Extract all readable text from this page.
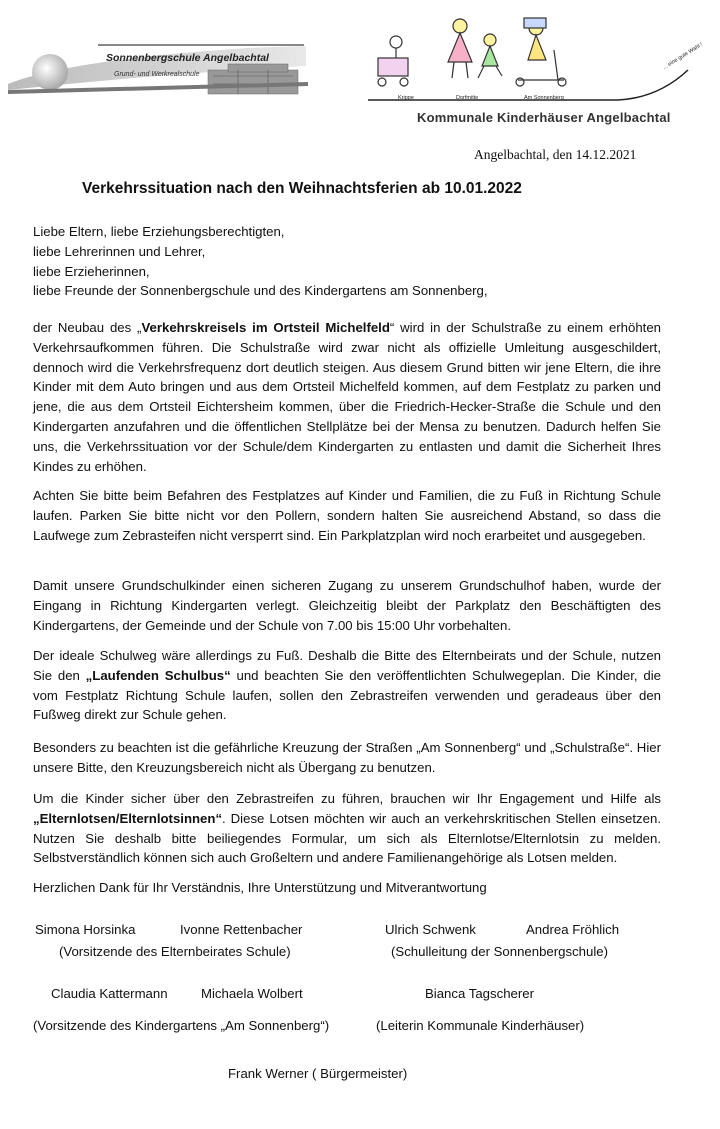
Sonnenbergschule Angelbachtal
Grund- und Werkrealschule
Krippe	Dorfmitte	Am Sonnenberg
... eine gute Wahl !
Kommunale Kinderhäuser Angelbachtal
Angelbachtal, den 14.12.2021
Verkehrssituation nach den Weihnachtsferien ab 10.01.2022
Liebe Eltern, liebe Erziehungsberechtigten,
liebe Lehrerinnen und Lehrer,
liebe Erzieherinnen,
liebe Freunde der Sonnenbergschule und des Kindergartens am Sonnenberg,
der Neubau des „Verkehrskreisels im Ortsteil Michelfeld“ wird in der Schulstraße zu einem erhöhten Verkehrsaufkommen führen. Die Schulstraße wird zwar nicht als offizielle Umleitung ausgeschildert, dennoch wird die Verkehrsfrequenz dort deutlich steigen. Aus diesem Grund bitten wir jene Eltern, die ihre Kinder mit dem Auto bringen und aus dem Ortsteil Michelfeld kommen, auf dem Festplatz zu parken und jene, die aus dem Ortsteil Eichtersheim kommen, über die Friedrich-Hecker-Straße die Schule und den Kindergarten anzufahren und die öffentlichen Stellplätze bei der Mensa zu benutzen. Dadurch helfen Sie uns, die Verkehrssituation vor der Schule/dem Kindergarten zu entlasten und damit die Sicherheit Ihres Kindes zu erhöhen.
Achten Sie bitte beim Befahren des Festplatzes auf Kinder und Familien, die zu Fuß in Richtung Schule laufen. Parken Sie bitte nicht vor den Pollern, sondern halten Sie ausreichend Abstand, so dass die Laufwege zum Zebrasteifen nicht versperrt sind. Ein Parkplatzplan wird noch erarbeitet und ausgegeben.
Damit unsere Grundschulkinder einen sicheren Zugang zu unserem Grundschulhof haben, wurde der Eingang in Richtung Kindergarten verlegt. Gleichzeitig bleibt der Parkplatz den Beschäftigten des Kindergartens, der Gemeinde und der Schule von 7.00 bis 15:00 Uhr vorbehalten.
Der ideale Schulweg wäre allerdings zu Fuß. Deshalb die Bitte des Elternbeirats und der Schule, nutzen Sie den „Laufenden Schulbus“ und beachten Sie den veröffentlichten Schulwegeplan. Die Kinder, die vom Festplatz Richtung Schule laufen, sollen den Zebrastreifen verwenden und geradeaus über den Fußweg direkt zur Schule gehen.
Besonders zu beachten ist die gefährliche Kreuzung der Straßen „Am Sonnenberg“ und „Schulstraße“. Hier unsere Bitte, den Kreuzungsbereich nicht als Übergang zu benutzen.
Um die Kinder sicher über den Zebrastreifen zu führen, brauchen wir Ihr Engagement und Hilfe als „Elternlotsen/Elternlotsinnen“. Diese Lotsen möchten wir auch an verkehrskritischen Stellen einsetzen. Nutzen Sie deshalb bitte beiliegendes Formular, um sich als Elternlotse/Elternlotsin zu melden. Selbstverständlich können sich auch Großeltern und andere Familienangehörige als Lotsen melden.
Herzlichen Dank für Ihr Verständnis, Ihre Unterstützung und Mitverantwortung
Simona Horsinka	Ivonne Rettenbacher	Ulrich Schwenk	Andrea Fröhlich
(Vorsitzende des Elternbeirates Schule)	(Schulleitung der Sonnenbergschule)
Claudia Kattermann	Michaela Wolbert	Bianca Tagscherer
(Vorsitzende des Kindergartens „Am Sonnenberg“)	(Leiterin Kommunale Kinderhäuser)
Frank Werner ( Bürgermeister)
